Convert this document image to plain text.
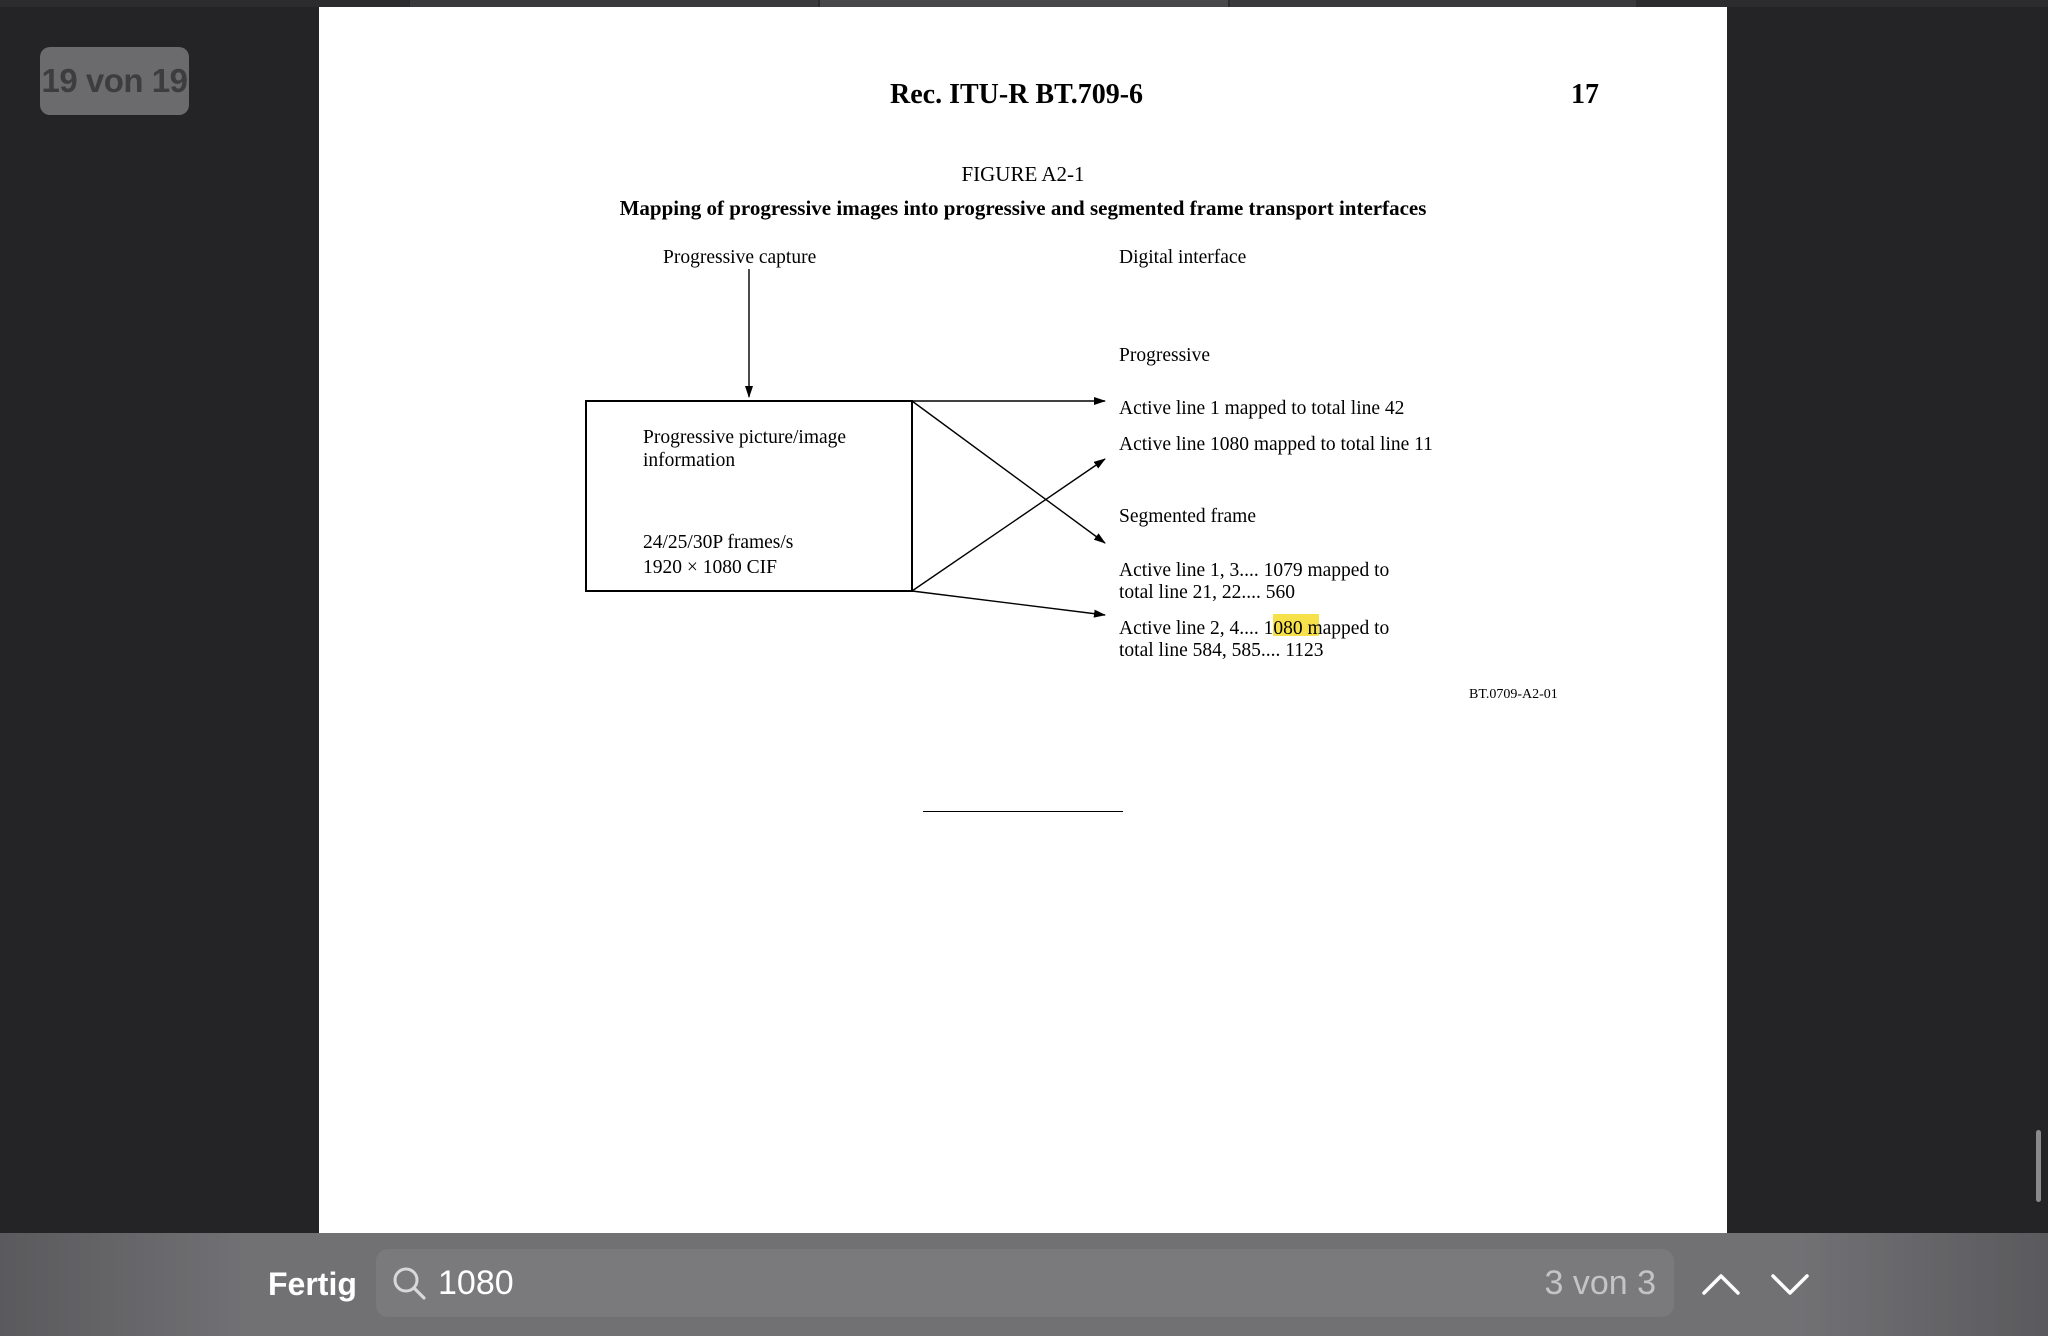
19 von 19	Rec. ITU-R BT.709-6	17
FIGURE A2-1
Mapping of progressive images into progressive and segmented frame transport interfaces
Progressive capture	Digital interface
Progressive picture/image
information
24/25/30P frames/s
1920 × 1080 CIF
Progressive
Active line 1 mapped to total line 42
Active line 1080 mapped to total line 11
Segmented frame
Active line 1, 3.... 1079 mapped to
total line 21, 22.... 560
Active line 2, 4.... 1080 mapped to
total line 584, 585.... 1123
BT.0709-A2-01
Fertig 1080	3 von 3
